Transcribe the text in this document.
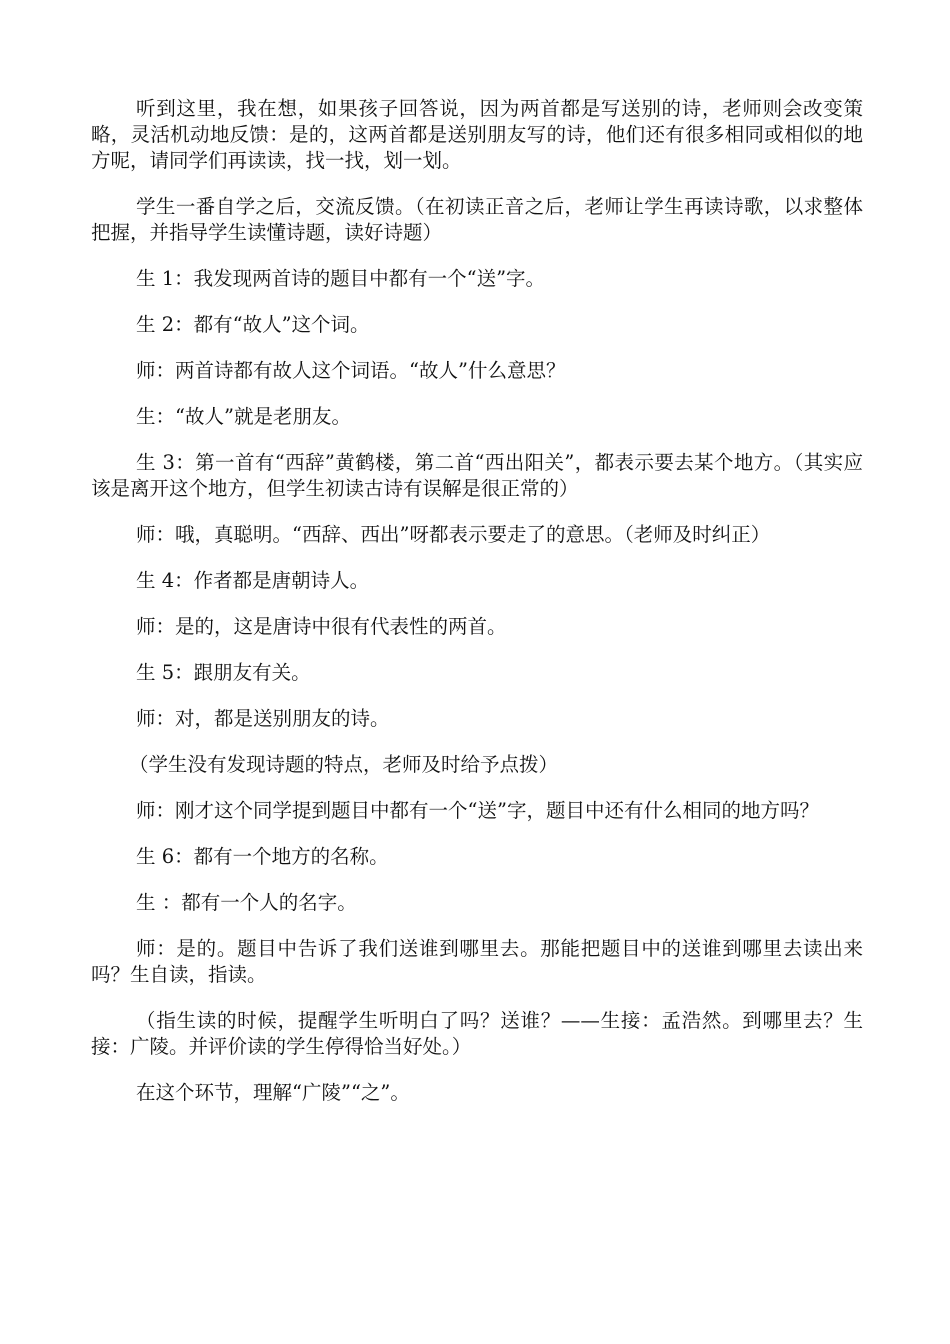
听到这里，我在想，如果孩子回答说，因为两首都是写送别的诗，老师则会改变策略，灵活机动地反馈：是的，这两首都是送别朋友写的诗，他们还有很多相同或相似的地方呢，请同学们再读读，找一找，划一划。

学生一番自学之后，交流反馈。（在初读正音之后，老师让学生再读诗歌，以求整体把握，并指导学生读懂诗题，读好诗题）

生 1：我发现两首诗的题目中都有一个“送”字。

生 2：都有“故人”这个词。

师：两首诗都有故人这个词语。“故人”什么意思？

生：“故人”就是老朋友。

生 3：第一首有“西辞”黄鹤楼，第二首“西出阳关”，都表示要去某个地方。（其实应该是离开这个地方，但学生初读古诗有误解是很正常的）

师：哦，真聪明。“西辞、西出”呀都表示要走了的意思。（老师及时纠正）

生 4：作者都是唐朝诗人。

师：是的，这是唐诗中很有代表性的两首。

生 5：跟朋友有关。

师：对，都是送别朋友的诗。

（学生没有发现诗题的特点，老师及时给予点拨）

师：刚才这个同学提到题目中都有一个“送”字，题目中还有什么相同的地方吗？

生 6：都有一个地方的名称。

生 ：都有一个人的名字。

师：是的。题目中告诉了我们送谁到哪里去。那能把题目中的送谁到哪里去读出来吗？生自读，指读。

（指生读的时候，提醒学生听明白了吗？送谁？——生接：孟浩然。到哪里去？生接：广陵。并评价读的学生停得恰当好处。）

在这个环节，理解“广陵”“之”。
